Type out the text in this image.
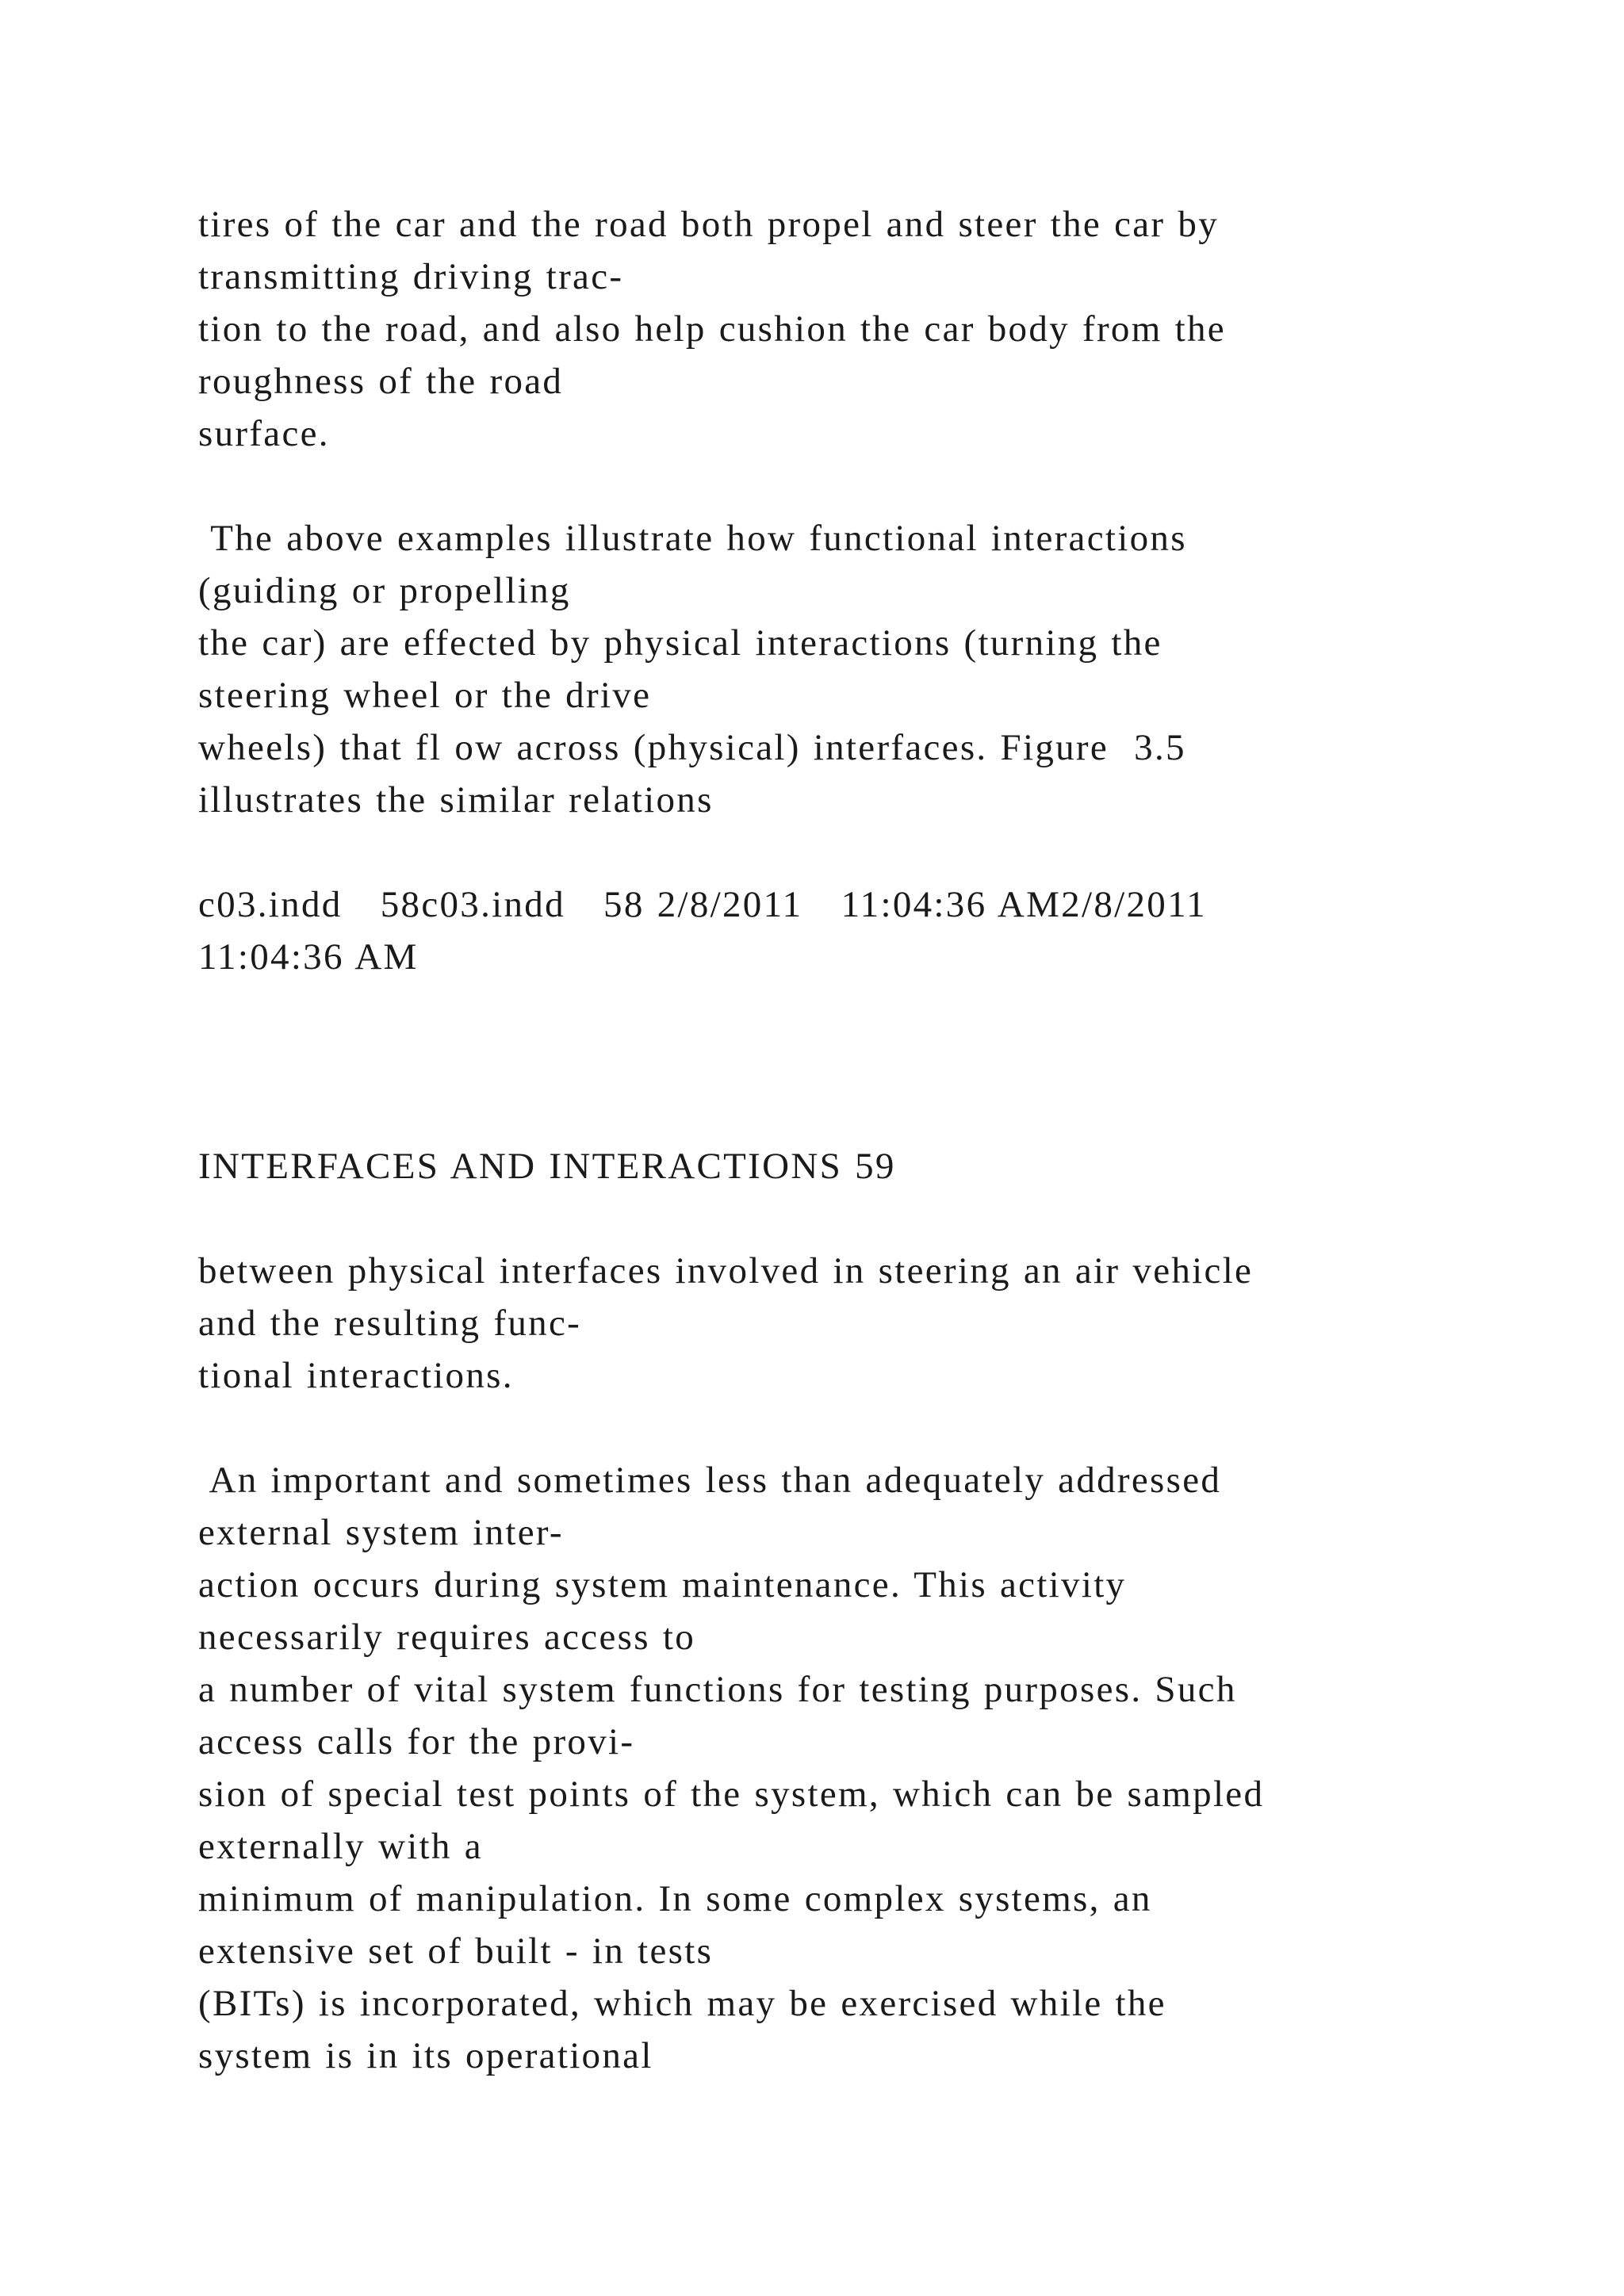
tires of the car and the road both propel and steer the car by
transmitting driving trac-
tion to the road, and also help cushion the car body from the
roughness of the road
surface.
The above examples illustrate how functional interactions
(guiding or propelling
the car) are effected by physical interactions (turning the
steering wheel or the drive
wheels) that fl ow across (physical) interfaces. Figure  3.5
illustrates the similar relations
c03.indd   58c03.indd   58 2/8/2011   11:04:36 AM2/8/2011
11:04:36 AM
INTERFACES AND INTERACTIONS 59
between physical interfaces involved in steering an air vehicle
and the resulting func-
tional interactions.
An important and sometimes less than adequately addressed
external system inter-
action occurs during system maintenance. This activity
necessarily requires access to
a number of vital system functions for testing purposes. Such
access calls for the provi-
sion of special test points of the system, which can be sampled
externally with a
minimum of manipulation. In some complex systems, an
extensive set of built - in tests
(BITs) is incorporated, which may be exercised while the
system is in its operational
